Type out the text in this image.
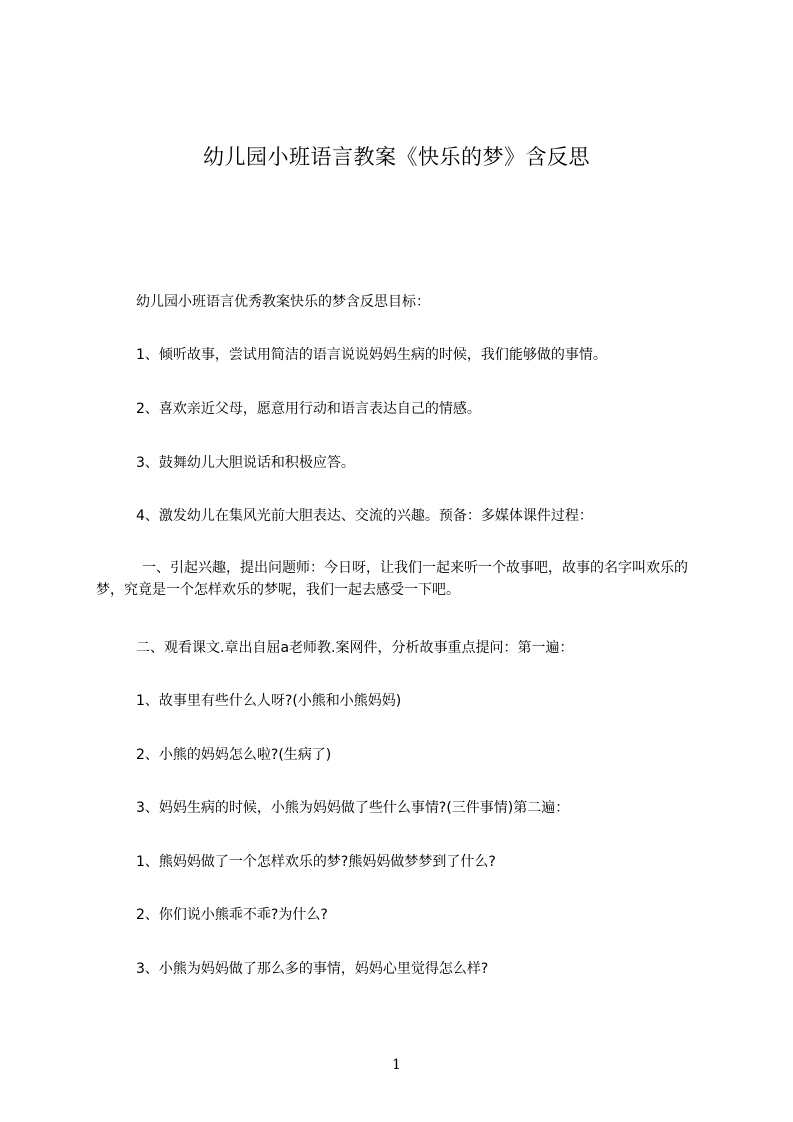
幼儿园小班语言教案《快乐的梦》含反思

幼儿园小班语言优秀教案快乐的梦含反思目标：

1、倾听故事，尝试用简洁的语言说说妈妈生病的时候，我们能够做的事情。

2、喜欢亲近父母，愿意用行动和语言表达自己的情感。

3、鼓舞幼儿大胆说话和积极应答。

4、激发幼儿在集风光前大胆表达、交流的兴趣。预备：多媒体课件过程：

一、引起兴趣，提出问题师：今日呀，让我们一起来听一个故事吧，故事的名字叫欢乐的梦，究竟是一个怎样欢乐的梦呢，我们一起去感受一下吧。

二、观看课文.章出自屈a老师教.案网件，分析故事重点提问：第一遍：

1、故事里有些什么人呀?(小熊和小熊妈妈)

2、小熊的妈妈怎么啦?(生病了)

3、妈妈生病的时候，小熊为妈妈做了些什么事情?(三件事情)第二遍：

1、熊妈妈做了一个怎样欢乐的梦?熊妈妈做梦梦到了什么?

2、你们说小熊乖不乖?为什么?

3、小熊为妈妈做了那么多的事情，妈妈心里觉得怎么样?

1
